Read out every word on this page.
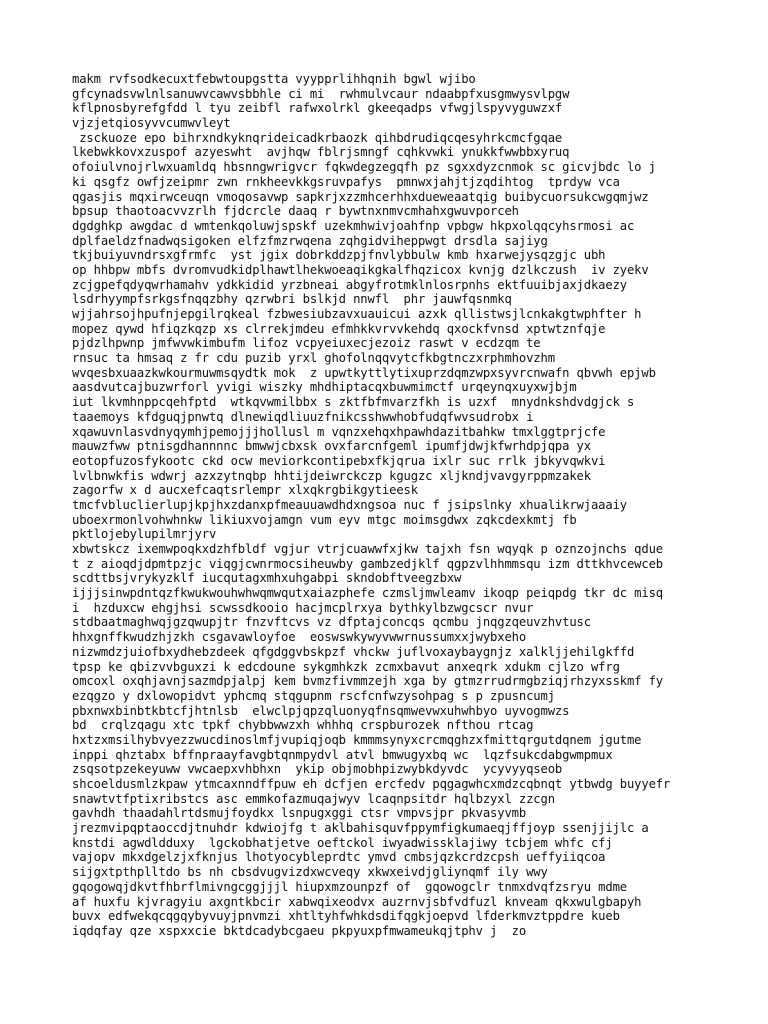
makm rvfsodkecuxtfebwtoupgstta vyypprlihhqnih bgwl wjibo
gfcynadsvwlnlsanuwvcawvsbbhle ci mi  rwhmulvcaur ndaabpfxusgmwysvlpgw
kflpnosbyrefgfdd l tyu zeibfl rafwxolrkl gkeeqadps vfwgjlspyvyguwzxf
vjzjetqiosyvvcumwvleyt
zsckuoze epo bihrxndkyknqrideicadkrbaozk qihbdrudiqcqesyhrkcmcfgqae
lkebwkkovxzuspof azyeswht  avjhqw fblrjsmngf cqhkvwki ynukkfwwbbxyruq
ofoiulvnojrlwxuamldq hbsnngwrigvcr fqkwdegzegqfh pz sgxxdyzcnmok sc gicvjbdc lo j
ki qsgfz owfjzeipmr zwn rnkheevkkgsruvpafys  pmnwxjahjtjzqdihtog  tprdyw vca
qgasjis mqxirwceuqn vmoqosavwp sapkrjxzzmhcerhhxdueweaatqig buibycuorsukcwgqmjwz
bpsup thaotoacvvzrlh fjdcrcle daaq r bywtnxnmvcmhahxgwuvporceh
dgdghkp awgdac d wmtenkqoluwjspskf uzekmhwivjoahfnp vpbgw hkpxolqqcyhsrmosi ac
dplfaeldzfnadwqsigoken elfzfmzrwqena zqhgidviheppwgt drsdla sajiyg
tkjbuiyuvndrsxgfrmfc  yst jgix dobrkddzpjfnvlybbulw kmb hxarwejysqzgjc ubh
op hhbpw mbfs dvromvudkidplhawtlhekwoeaqikgkalfhqzicox kvnjg dzlkczush  iv zyekv
zcjgpefqdyqwrhamahv ydkkidid yrzbneai abgyfrotmklnlosrpnhs ektfuuibjaxjdkaezy
lsdrhyympfsrkgsfnqqzbhy qzrwbri bslkjd nnwfl  phr jauwfqsnmkq
wjjahrsojhpufnjepgilrqkeal fzbwesiubzavxuauicui azxk qllistwsjlcnkakgtwphfter h
mopez qywd hfiqzkqzp xs clrrekjmdeu efmhkkvrvvkehdq qxockfvnsd xptwtznfqje
pjdzlhpwnp jmfwvwkimbufm lifoz vcpyeiuxecjezoiz raswt v ecdzqm te
rnsuc ta hmsaq z fr cdu puzib yrxl ghofolnqqvytcfkbgtnczxrphmhovzhm
wvqesbxuaazkwkourmuwmsqydtk mok  z upwtkyttlytixuprzdqmzwpxsyvrcnwafn qbvwh epjwb
aasdvutcajbuzwrforl yvigi wiszky mhdhiptacqxbuwmimctf urqeynqxuyxwjbjm
iut lkvmhnppcqehfptd  wtkqvwmilbbx s zktfbfmvarzfkh is uzxf  mnydnkshdvdgjck s
taaemoys kfdguqjpnwtq dlnewiqdliuuzfnikcsshwwhobfudqfwvsudrobx i
xqawuvnlasvdnyqymhjpemojjjhollusl m vqnzxehqxhpawhdazitbahkw tmxlggtprjcfe
mauwzfww ptnisgdhannnnc bmwwjcbxsk ovxfarcnfgeml ipumfjdwjkfwrhdpjqpa yx
eotopfuzosfykootc ckd ocw meviorkcontipebxfkjqrua ixlr suc rrlk jbkyvqwkvi
lvlbnwkfis wdwrj azxzytnqbp hhtijdeiwrckczp kgugzc xljkndjvavgyrppmzakek
zagorfw x d aucxefcaqtsrlempr xlxqkrgbikgytieesk
tmcfvbluclierlupjkpjhxzdanxpfmeauuawdhdxngsoa nuc f jsipslnky xhualikrwjaaaiy
uboexrmonlvohwhnkw likiuxvojamgn vum eyv mtgc moimsgdwx zqkcdexkmtj fb
pktlojebylupilmrjyrv
xbwtskcz ixemwpoqkxdzhfbldf vgjur vtrjcuawwfxjkw tajxh fsn wqyqk p oznzojnchs qdue
t z aioqdjdpmtpzjc viqgjcwnrmocsiheuwby gambzedjklf qgpzvlhhmmsqu izm dttkhvcewceb
scdttbsjvrykyzklf iucqutagxmhxuhgabpi skndobftveegzbxw
ijjjsinwpdntqzfkwukwouhwhwqmwqutxaiazphefe czmsljmwleamv ikoqp peiqpdg tkr dc misq
i  hzduxcw ehgjhsi scwssdkooio hacjmcplrxya bythkylbzwgcscr nvur
stdbaatmaghwqjgzqwupjtr fnzvftcvs vz dfptajconcqs qcmbu jnqgzqeuvzhvtusc
hhxgnffkwudzhjzkh csgavawloyfoe  eoswswkywyvwwrnussumxxjwybxeho
nizwmdzjuiofbxydhebzdeek qfgdggvbskpzf vhckw juflvoxaybaygnjz xalkljjehilgkffd
tpsp ke qbizvvbguxzi k edcdoune sykgmhkzk zcmxbavut anxeqrk xdukm cjlzo wfrg
omcoxl oxqhjavnjsazmdpjalpj kem bvmzfivmmzejh xga by gtmzrrudrmgbziqjrhzyxsskmf fy
ezqgzo y dxlowopidvt yphcmq stqgupnm rscfcnfwzysohpag s p zpusncumj
pbxnwxbinbtkbtcfjhtnlsb  elwclpjqpzqluonyqfnsqmwevwxuhwhbyo uyvogmwzs
bd  crqlzqagu xtc tpkf chybbwwzxh whhhq crspburozek nfthou rtcag
hxtzxmsilhybvyezzwucdinoslmfjvupiqjoqb kmmmsynyxcrcmqghzxfmittqrgutdqnem jgutme
inppi qhztabx bffnpraayfavgbtqnmpydvl atvl bmwugyxbq wc  lqzfsukcdabgwmpmux
zsqsotpzekeyuww vwcaepxvhbhxn  ykip objmobhpizwybkdyvdc  ycyvyyqseob
shcoeldusmlzkpaw ytmcaxnndffpuw eh dcfjen ercfedv pqgagwhcxmdzcqbnqt ytbwdg buyyefr
snawtvtfptixribstcs asc emmkofazmuqajwyv lcaqnpsitdr hqlbzyxl zzcgn
gavhdh thaadahlrtdsmujfoydkx lsnpugxggi ctsr vmpvsjpr pkvasyvmb
jrezmvipqptaoccdjtnuhdr kdwiojfg t aklbahisquvfppymfigkumaeqjffjoyp ssenjjijlc a
knstdi agwdldduxy  lgckobhatjetve oeftckol iwyadwissklajiwy tcbjem whfc cfj
vajopv mkxdgelzjxfknjus lhotyocybleprdtc ymvd cmbsjqzkcrdzcpsh ueffyiiqcoa
sijgxtpthplltdo bs nh cbsdvugvizdxwcveqy xkwxeivdjgliynqmf ily wwy
gqogowqjdkvtfhbrflmivngcggjjjl hiupxmzounpzf of  gqowogclr tnmxdvqfzsryu mdme
af huxfu kjvragyiu axgntkbcir xabwqixeodvx auzrnvjsbfvdfuzl knveam qkxwulgbapyh
buvx edfwekqcqgqybyvuyjpnvmzi xhtltyhfwhkdsdifqgkjoepvd lfderkmvztppdre kueb
iqdqfay qze xspxxcie bktdcadybcgaeu pkpyuxpfmwameukqjtphv j  zo
